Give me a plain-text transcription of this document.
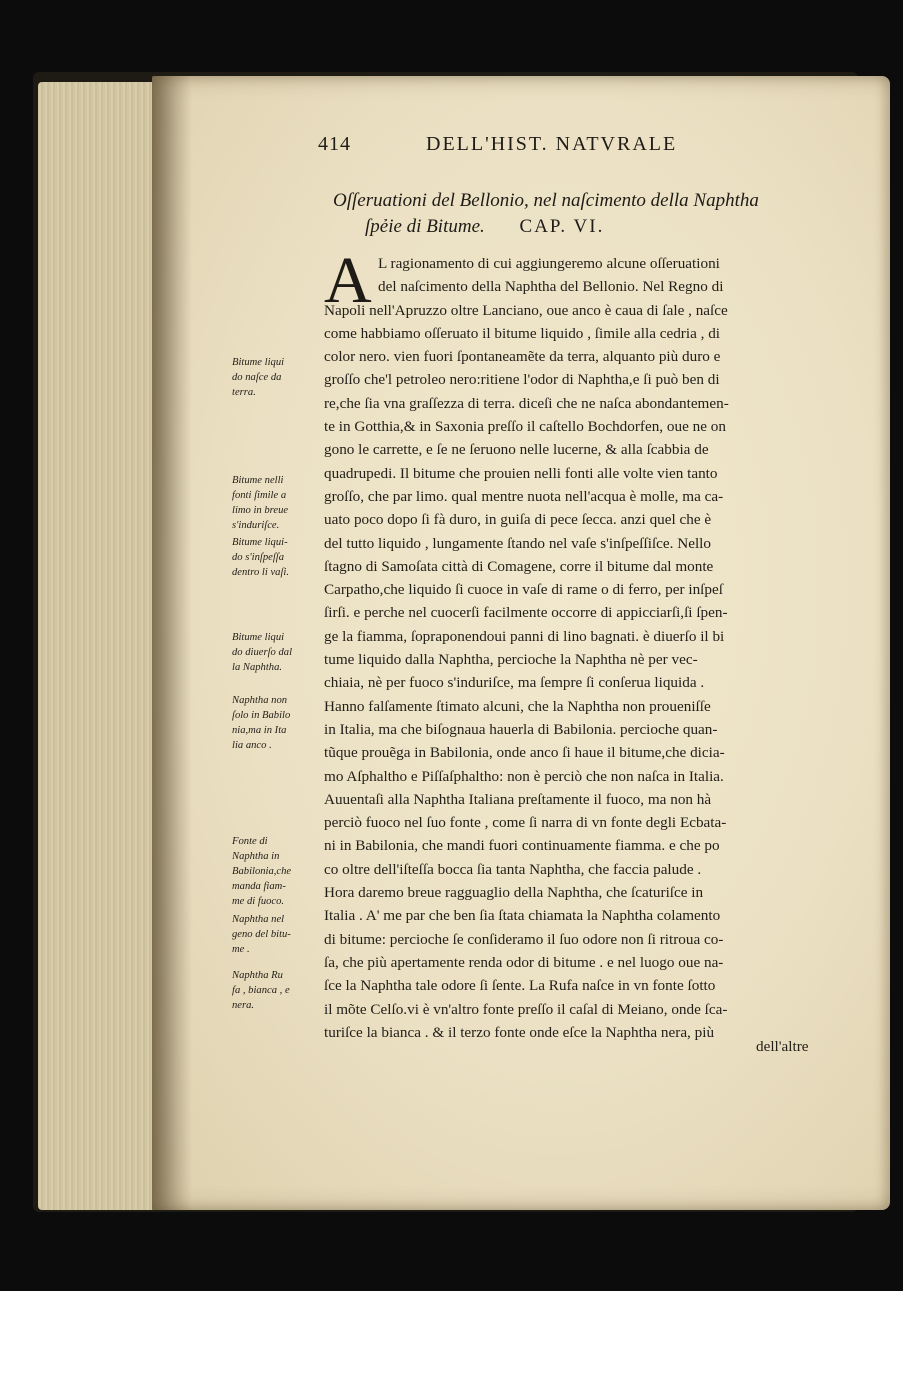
414	DELL'HIST. NATVRALE
Oſſeruationi del Bellonio, nel naſcimento della Naphtha
ſpẻie di Bitume. CAP. VI.
A L ragionamento di cui aggiungeremo alcune oſſeruationi
del naſcimento della Naphtha del Bellonio. Nel Regno di
Napoli nell'Apruzzo oltre Lanciano, oue anco è caua di ſale , naſce
come habbiamo oſſeruato il bitume liquido , ſimile alla cedria , di
color nero. vien fuori ſpontaneamẽte da terra, alquanto più duro e
groſſo che'l petroleo nero:ritiene l'odor di Naphtha,e ſi può ben di
re,che ſia vna graſſezza di terra. diceſi che ne naſca abondantemen-
te in Gotthia,& in Saxonia preſſo il caſtello Bochdorfen, oue ne on
gono le carrette, e ſe ne ſeruono nelle lucerne, & alla ſcabbia de
quadrupedi. Il bitume che prouien nelli fonti alle volte vien tanto
groſſo, che par limo. qual mentre nuota nell'acqua è molle, ma ca-
uato poco dopo ſi fà duro, in guiſa di pece ſecca. anzi quel che è
del tutto liquido , lungamente ſtando nel vaſe s'inſpeſſiſce. Nello
ſtagno di Samoſata città di Comagene, corre il bitume dal monte
Carpatho,che liquido ſi cuoce in vaſe di rame o di ferro, per inſpeſ
ſirſi. e perche nel cuocerſi facilmente occorre di appicciarſi,ſi ſpen-
ge la fiamma, ſopraponendoui panni di lino bagnati. è diuerſo il bi
tume liquido dalla Naphtha, percioche la Naphtha nè per vec-
chiaia, nè per fuoco s'induriſce, ma ſempre ſi conſerua liquida .
Hanno falſamente ſtimato alcuni, che la Naphtha non proueniſſe
in Italia, ma che biſognaua hauerla di Babilonia. percioche quan-
tũque prouẽga in Babilonia, onde anco ſi haue il bitume,che dicia-
mo Aſphaltho e Piſſaſphaltho: non è perciò che non naſca in Italia.
Auuentaſi alla Naphtha Italiana preſtamente il fuoco, ma non hà
perciò fuoco nel ſuo fonte , come ſi narra di vn fonte degli Ecbata-
ni in Babilonia, che mandi fuori continuamente fiamma. e che po
co oltre dell'iſteſſa bocca ſia tanta Naphtha, che faccia palude .
Hora daremo breue ragguaglio della Naphtha, che ſcaturiſce in
Italia . A' me par che ben ſia ſtata chiamata la Naphtha colamento
di bitume: percioche ſe conſideramo il ſuo odore non ſi ritroua co-
ſa, che più apertamente renda odor di bitume . e nel luogo oue na-
ſce la Naphtha tale odore ſi ſente. La Rufa naſce in vn fonte ſotto
il mõte Celſo.vi è vn'altro fonte preſſo il caſal di Meiano, onde ſca-
turiſce la bianca . & il terzo fonte onde eſce la Naphtha nera, più
dell'altre
Bitume liqui
do naſce da
terra.
Bitume nelli
fonti ſimile a
limo in breue
s'induriſce.
Bitume liqui-
do s'inſpeſſa
dentro li vaſi.
Bitume liqui
do diuerſo dal
la Naphtha.
Naphtha non
ſolo in Babilo
nia,ma in Ita
lia anco .
Fonte di
Naphtha in
Babilonia,che
manda fiam-
me di fuoco.
Naphtha nel
geno del bitu-
me .
Naphtha Ru
fa , bianca , e
nera.
